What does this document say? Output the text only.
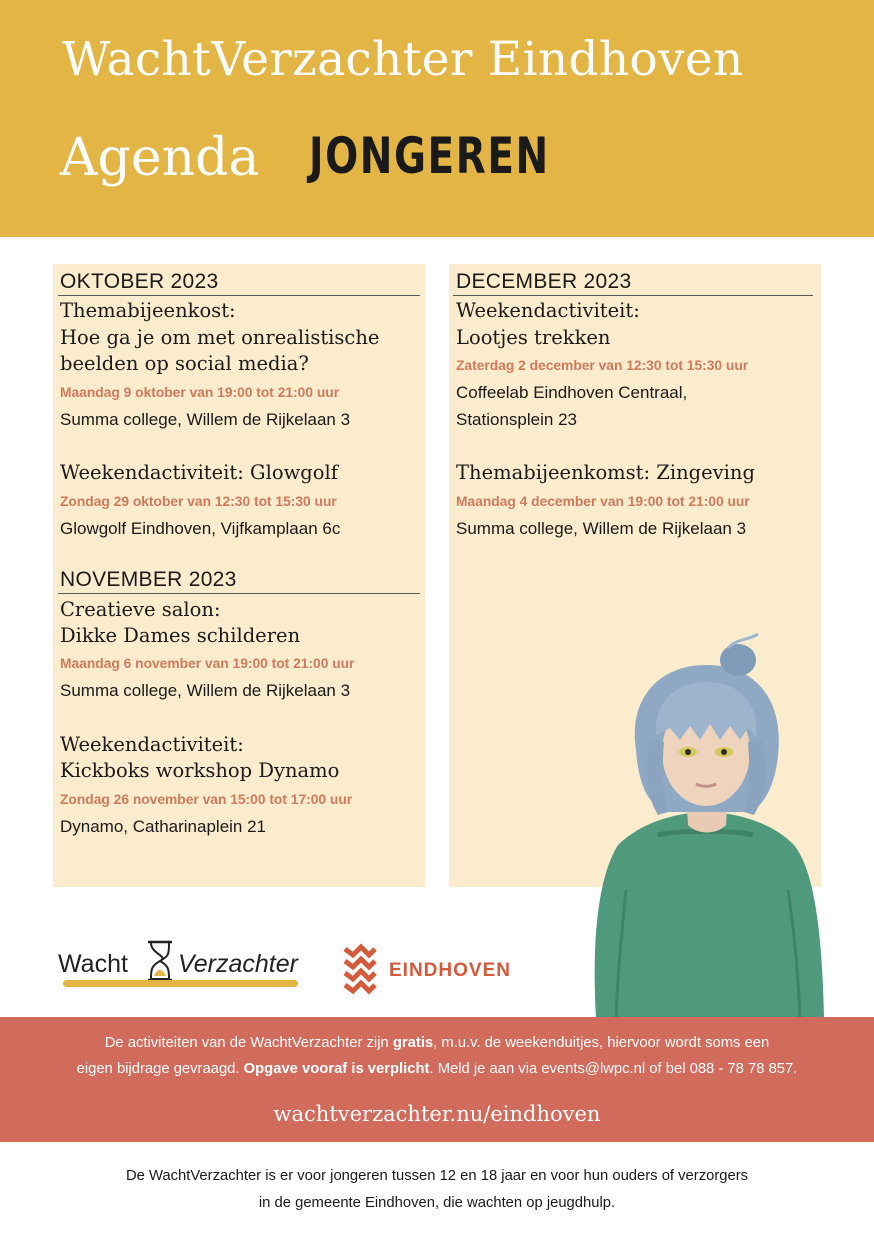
WachtVerzachter Eindhoven
Agenda JONGEREN
OKTOBER 2023
Themabijeenkost:
Hoe ga je om met onrealistische
beelden op social media?
Maandag 9 oktober van 19:00 tot 21:00 uur
Summa college, Willem de Rijkelaan 3
Weekendactiviteit: Glowgolf
Zondag 29 oktober van 12:30 tot 15:30 uur
Glowgolf Eindhoven, Vijfkamplaan 6c
NOVEMBER 2023
Creatieve salon:
Dikke Dames schilderen
Maandag 6 november van 19:00 tot 21:00 uur
Summa college, Willem de Rijkelaan 3
Weekendactiviteit:
Kickboks workshop Dynamo
Zondag 26 november van 15:00 tot 17:00 uur
Dynamo, Catharinaplein 21
DECEMBER 2023
Weekendactiviteit:
Lootjes trekken
Zaterdag 2 december van 12:30 tot 15:30 uur
Coffeelab Eindhoven Centraal,
Stationsplein 23
Themabijeenkomst: Zingeving
Maandag 4 december van 19:00 tot 21:00 uur
Summa college, Willem de Rijkelaan 3
Wacht Verzachter	EINDHOVEN
De activiteiten van de WachtVerzachter zijn gratis, m.u.v. de weekenduitjes, hiervoor wordt soms een
eigen bijdrage gevraagd. Opgave vooraf is verplicht. Meld je aan via events@lwpc.nl of bel 088 - 78 78 857.
wachtverzachter.nu/eindhoven
De WachtVerzachter is er voor jongeren tussen 12 en 18 jaar en voor hun ouders of verzorgers
in de gemeente Eindhoven, die wachten op jeugdhulp.
